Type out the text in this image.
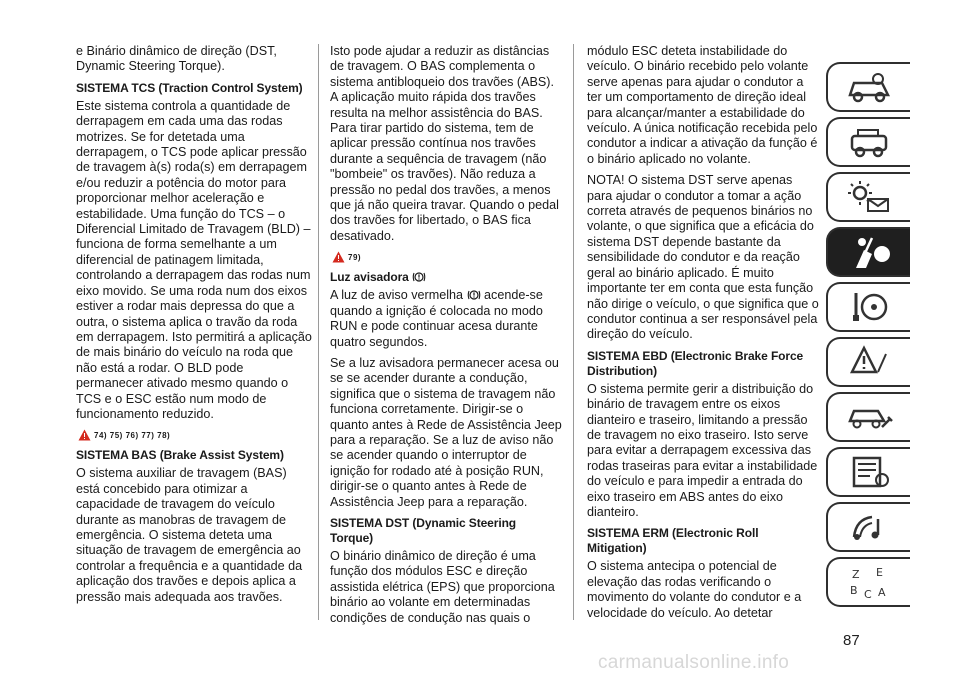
e Binário dinâmico de direção (DST, Dynamic Steering Torque).

SISTEMA TCS (Traction Control System)

Este sistema controla a quantidade de derrapagem em cada uma das rodas motrizes. Se for detetada uma derrapagem, o TCS pode aplicar pressão de travagem à(s) roda(s) em derrapagem e/ou reduzir a potência do motor para proporcionar melhor aceleração e estabilidade. Uma função do TCS – o Diferencial Limitado de Travagem (BLD) – funciona de forma semelhante a um diferencial de patinagem limitada, controlando a derrapagem das rodas num eixo movido. Se uma roda num dos eixos estiver a rodar mais depressa do que a outra, o sistema aplica o travão da roda em derrapagem. Isto permitirá a aplicação de mais binário do veículo na roda que não está a rodar. O BLD pode permanecer ativado mesmo quando o TCS e o ESC estão num modo de funcionamento reduzido.

74) 75) 76) 77) 78)
SISTEMA BAS (Brake Assist System)

O sistema auxiliar de travagem (BAS) está concebido para otimizar a capacidade de travagem do veículo durante as manobras de travagem de emergência. O sistema deteta uma situação de travagem de emergência ao controlar a frequência e a quantidade da aplicação dos travões e depois aplica a pressão mais adequada aos travões.

Isto pode ajudar a reduzir as distâncias de travagem. O BAS complementa o sistema antibloqueio dos travões (ABS). A aplicação muito rápida dos travões resulta na melhor assistência do BAS. Para tirar partido do sistema, tem de aplicar pressão contínua nos travões durante a sequência de travagem (não "bombeie" os travões). Não reduza a pressão no pedal dos travões, a menos que já não queira travar. Quando o pedal dos travões for libertado, o BAS fica desativado.

79)
Luz avisadora

A luz de aviso vermelha acende-se quando a ignição é colocada no modo RUN e pode continuar acesa durante quatro segundos.

Se a luz avisadora permanecer acesa ou se se acender durante a condução, significa que o sistema de travagem não funciona corretamente. Dirigir-se o quanto antes à Rede de Assistência Jeep para a reparação. Se a luz de aviso não se acender quando o interruptor de ignição for rodado até à posição RUN, dirigir-se o quanto antes à Rede de Assistência Jeep para a reparação.

SISTEMA DST (Dynamic Steering Torque)

O binário dinâmico de direção é uma função dos módulos ESC e direção assistida elétrica (EPS) que proporciona binário ao volante em determinadas condições de condução nas quais o

módulo ESC deteta instabilidade do veículo. O binário recebido pelo volante serve apenas para ajudar o condutor a ter um comportamento de direção ideal para alcançar/manter a estabilidade do veículo. A única notificação recebida pelo condutor a indicar a ativação da função é o binário aplicado no volante.

NOTA! O sistema DST serve apenas para ajudar o condutor a tomar a ação correta através de pequenos binários no volante, o que significa que a eficácia do sistema DST depende bastante da sensibilidade do condutor e da reação geral ao binário aplicado. É muito importante ter em conta que esta função não dirige o veículo, o que significa que o condutor continua a ser responsável pela direção do veículo.

SISTEMA EBD (Electronic Brake Force Distribution)

O sistema permite gerir a distribuição do binário de travagem entre os eixos dianteiro e traseiro, limitando a pressão de travagem no eixo traseiro. Isto serve para evitar a derrapagem excessiva das rodas traseiras para evitar a instabilidade do veículo e para impedir a entrada do eixo traseiro em ABS antes do eixo dianteiro.

SISTEMA ERM (Electronic Roll Mitigation)

O sistema antecipa o potencial de elevação das rodas verificando o movimento do volante do condutor e a velocidade do veículo. Ao detetar

Z E
B C A
87
carmanualsonline.info
